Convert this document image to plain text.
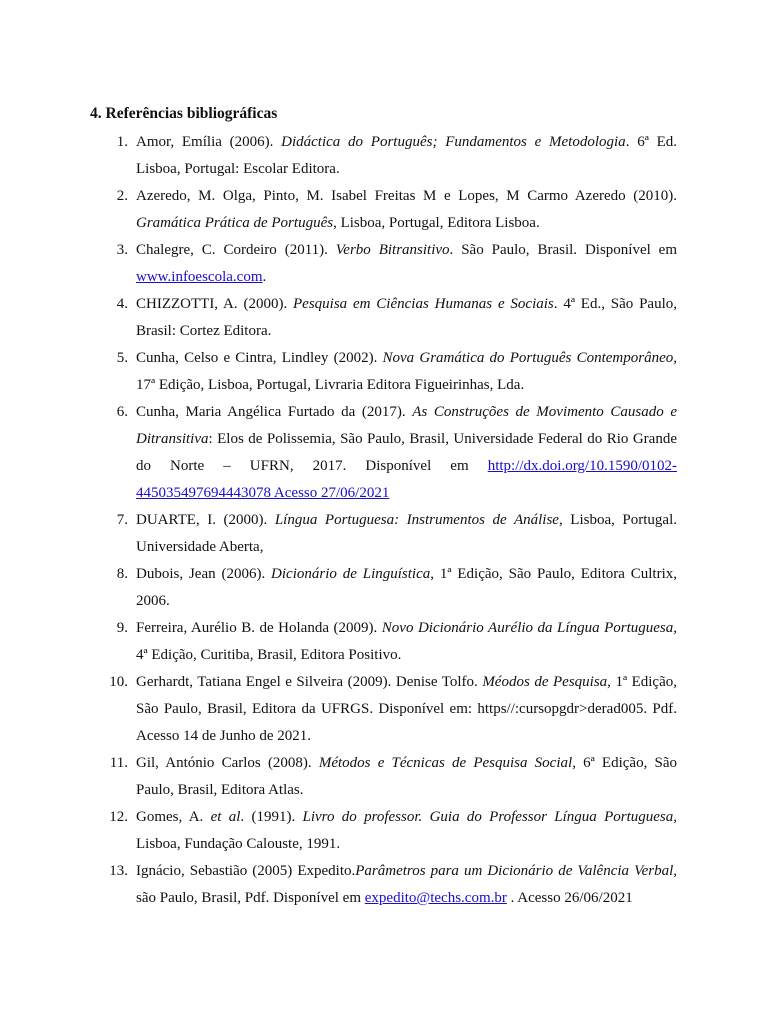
4. Referências bibliográficas
1. Amor, Emília (2006). Didáctica do Português; Fundamentos e Metodologia. 6ª Ed. Lisboa, Portugal: Escolar Editora.
2. Azeredo, M. Olga, Pinto, M. Isabel Freitas M e Lopes, M Carmo Azeredo (2010). Gramática Prática de Português, Lisboa, Portugal, Editora Lisboa.
3. Chalegre, C. Cordeiro (2011). Verbo Bitransitivo. São Paulo, Brasil. Disponível em www.infoescola.com.
4. CHIZZOTTI, A. (2000). Pesquisa em Ciências Humanas e Sociais. 4ª Ed., São Paulo, Brasil: Cortez Editora.
5. Cunha, Celso e Cintra, Lindley (2002). Nova Gramática do Português Contemporâneo, 17ª Edição, Lisboa, Portugal, Livraria Editora Figueirinhas, Lda.
6. Cunha, Maria Angélica Furtado da (2017). As Construções de Movimento Causado e Ditransitiva: Elos de Polissemia, São Paulo, Brasil, Universidade Federal do Rio Grande do Norte – UFRN, 2017. Disponível em http://dx.doi.org/10.1590/0102-445035497694443078 Acesso 27/06/2021
7. DUARTE, I. (2000). Língua Portuguesa: Instrumentos de Análise, Lisboa, Portugal. Universidade Aberta,
8. Dubois, Jean (2006). Dicionário de Linguística, 1ª Edição, São Paulo, Editora Cultrix, 2006.
9. Ferreira, Aurélio B. de Holanda (2009). Novo Dicionário Aurélio da Língua Portuguesa, 4ª Edição, Curitiba, Brasil, Editora Positivo.
10. Gerhardt, Tatiana Engel e Silveira (2009). Denise Tolfo. Méodos de Pesquisa, 1ª Edição, São Paulo, Brasil, Editora da UFRGS. Disponível em: https//:cursopgdr>derad005. Pdf. Acesso 14 de Junho de 2021.
11. Gil, António Carlos (2008). Métodos e Técnicas de Pesquisa Social, 6ª Edição, São Paulo, Brasil, Editora Atlas.
12. Gomes, A. et al. (1991). Livro do professor. Guia do Professor Língua Portuguesa, Lisboa, Fundação Calouste, 1991.
13. Ignácio, Sebastião (2005) Expedito.Parâmetros para um Dicionário de Valência Verbal, são Paulo, Brasil, Pdf. Disponível em expedito@techs.com.br . Acesso 26/06/2021
